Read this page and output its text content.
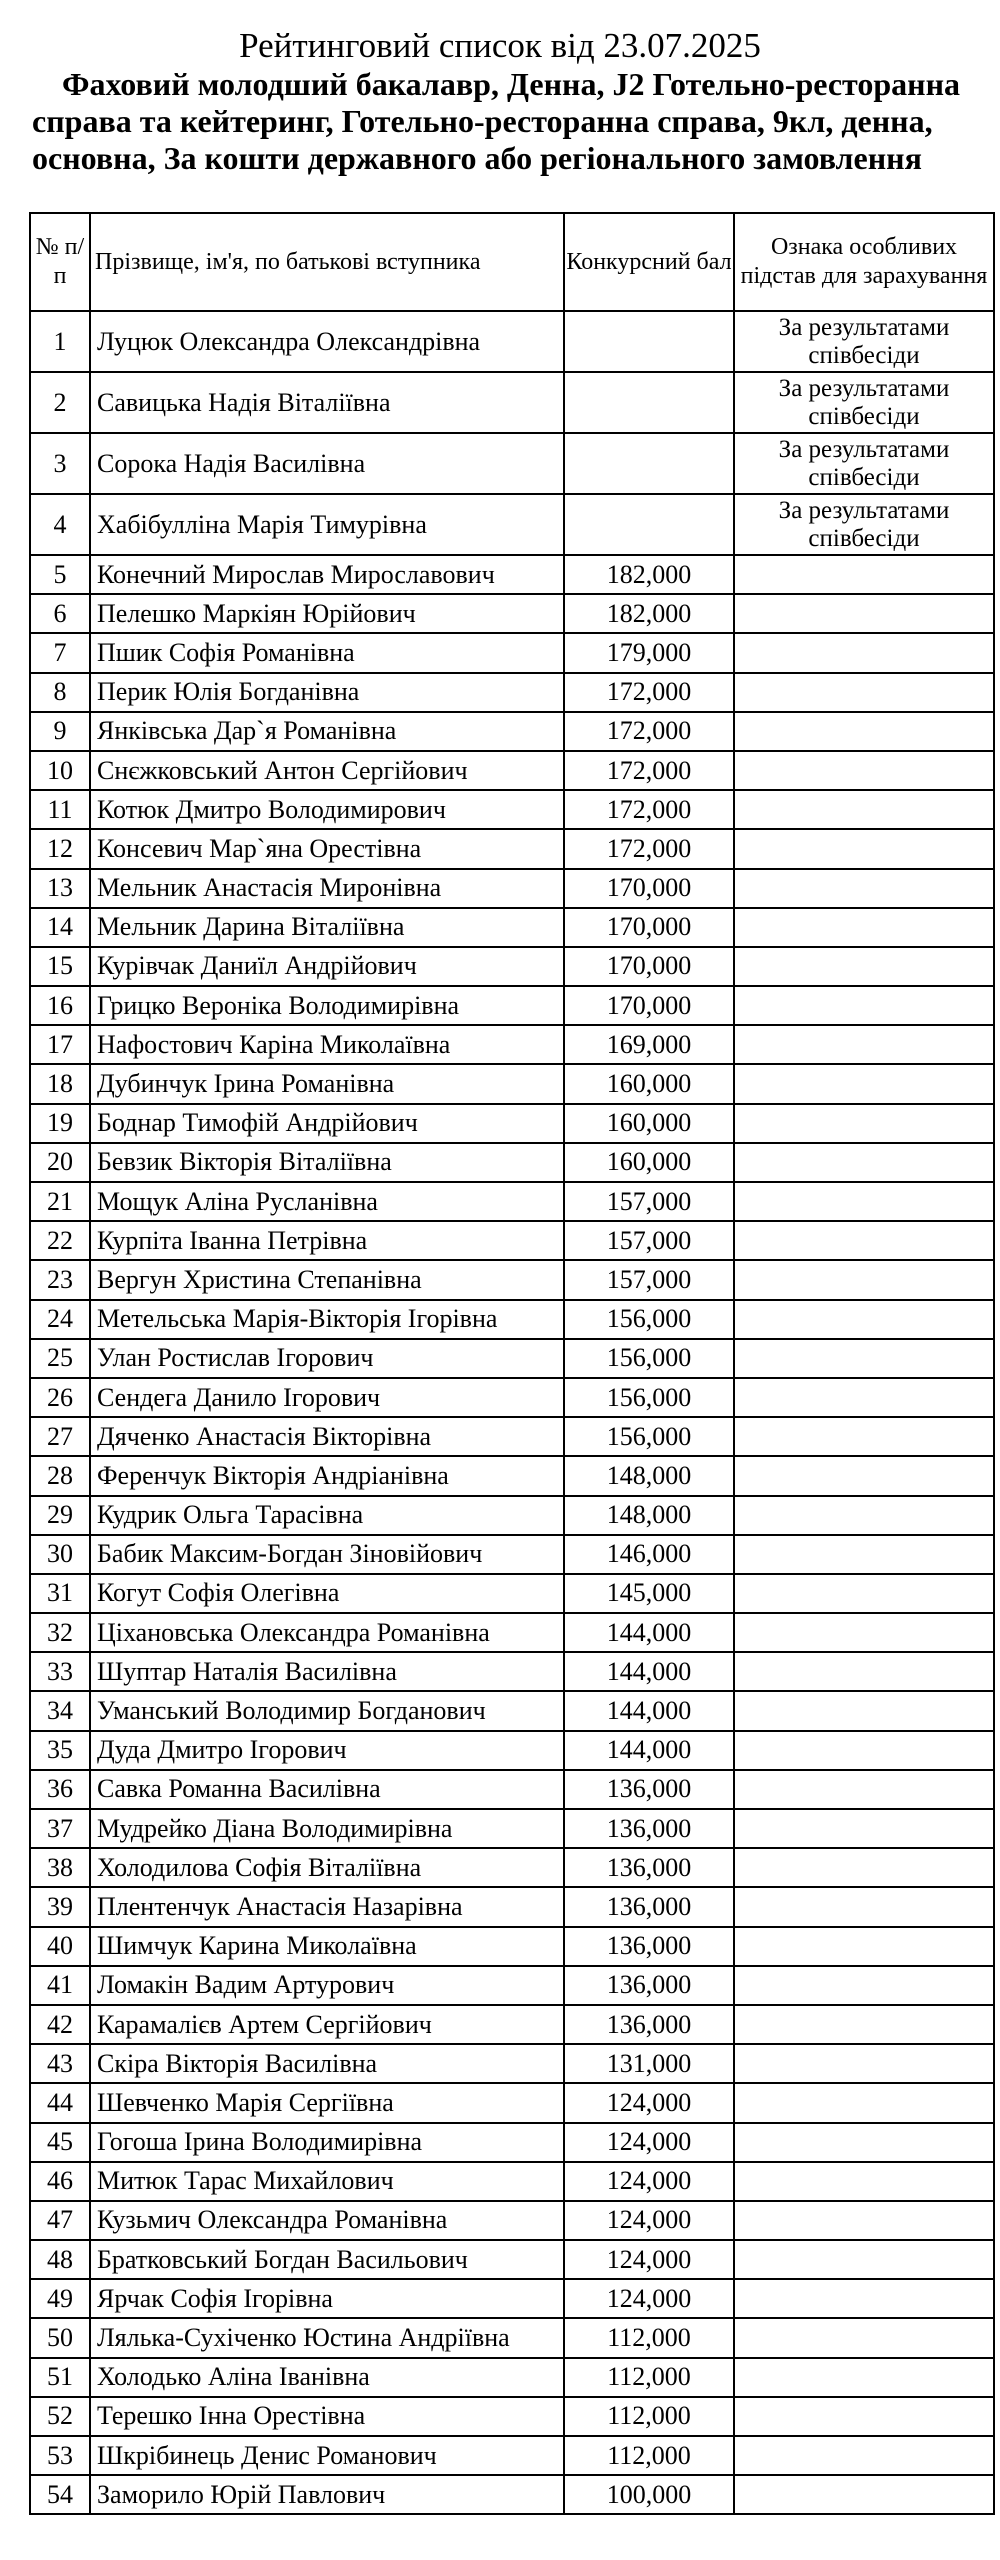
Рейтинговий список від 23.07.2025
Фаховий молодший бакалавр, Денна, J2 Готельно-ресторанна справа та кейтеринг, Готельно-ресторанна справа, 9кл, денна, основна, За кошти державного або регіонального замовлення
№ п/п	Прізвище, ім'я, по батькові вступника	Конкурсний бал	Ознака особливих підстав для зарахування
1	Луцюк Олександра Олександрівна		За результатами співбесіди
2	Савицька Надія Віталіївна		За результатами співбесіди
3	Сорока Надія Василівна		За результатами співбесіди
4	Хабібулліна Марія Тимурівна		За результатами співбесіди
5	Конечний Мирослав Мирославович	182,000	
6	Пелешко Маркіян Юрійович	182,000	
7	Пшик Софія Романівна	179,000	
8	Перик Юлія Богданівна	172,000	
9	Янківська Дар`я Романівна	172,000	
10	Снєжковський Антон Сергійович	172,000	
11	Котюк Дмитро Володимирович	172,000	
12	Консевич Мар`яна Орестівна	172,000	
13	Мельник Анастасія Миронівна	170,000	
14	Мельник Дарина Віталіївна	170,000	
15	Курівчак Даниїл Андрійович	170,000	
16	Грицко Вероніка Володимирівна	170,000	
17	Нафостович Каріна Миколаївна	169,000	
18	Дубинчук Ірина Романівна	160,000	
19	Боднар Тимофій Андрійович	160,000	
20	Бевзик Вікторія Віталіївна	160,000	
21	Мощук Аліна Русланівна	157,000	
22	Курпіта Іванна Петрівна	157,000	
23	Вергун Христина Степанівна	157,000	
24	Метельська Марія-Вікторія Ігорівна	156,000	
25	Улан Ростислав Ігорович	156,000	
26	Сендега Данило Ігорович	156,000	
27	Дяченко Анастасія Вікторівна	156,000	
28	Ференчук Вікторія Андріанівна	148,000	
29	Кудрик Ольга Тарасівна	148,000	
30	Бабик Максим-Богдан Зіновійович	146,000	
31	Когут Софія Олегівна	145,000	
32	Ціхановська Олександра Романівна	144,000	
33	Шуптар Наталія Василівна	144,000	
34	Уманський Володимир Богданович	144,000	
35	Дуда Дмитро Ігорович	144,000	
36	Савка Романна Василівна	136,000	
37	Мудрейко Діана Володимирівна	136,000	
38	Холодилова Софія Віталіївна	136,000	
39	Плентенчук Анастасія Назарівна	136,000	
40	Шимчук Карина Миколаївна	136,000	
41	Ломакін Вадим Артурович	136,000	
42	Карамалієв Артем Сергійович	136,000	
43	Скіра Вікторія Василівна	131,000	
44	Шевченко Марія Сергіївна	124,000	
45	Гогоша Ірина Володимирівна	124,000	
46	Митюк Тарас Михайлович	124,000	
47	Кузьмич Олександра Романівна	124,000	
48	Братковський Богдан Васильович	124,000	
49	Ярчак Софія Ігорівна	124,000	
50	Лялька-Сухіченко Юстина Андріївна	112,000	
51	Холодько Аліна Іванівна	112,000	
52	Терешко Інна Орестівна	112,000	
53	Шкрібинець Денис Романович	112,000	
54	Заморило Юрій Павлович	100,000	
